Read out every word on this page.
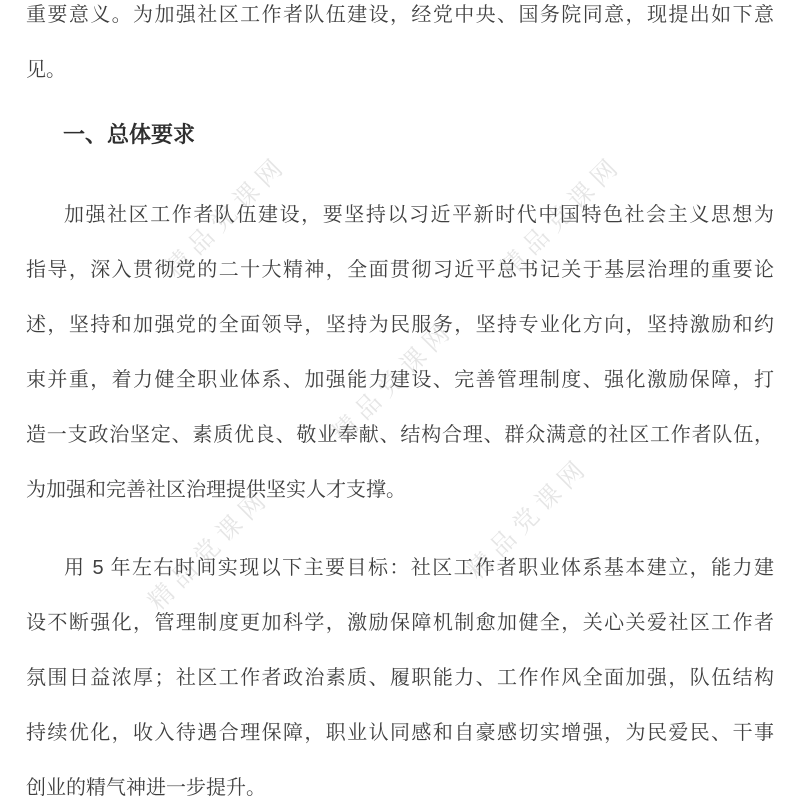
精品党课网	精品党课网
精品党课网
精品党课网	精品党课网
重要意义。为加强社区工作者队伍建设，经党中央、国务院同意，现提出如下意
见。
一、总体要求
加强社区工作者队伍建设，要坚持以习近平新时代中国特色社会主义思想为
指导，深入贯彻党的二十大精神，全面贯彻习近平总书记关于基层治理的重要论
述，坚持和加强党的全面领导，坚持为民服务，坚持专业化方向，坚持激励和约
束并重，着力健全职业体系、加强能力建设、完善管理制度、强化激励保障，打
造一支政治坚定、素质优良、敬业奉献、结构合理、群众满意的社区工作者队伍，
为加强和完善社区治理提供坚实人才支撑。
用 5 年左右时间实现以下主要目标：社区工作者职业体系基本建立，能力建
设不断强化，管理制度更加科学，激励保障机制愈加健全，关心关爱社区工作者
氛围日益浓厚；社区工作者政治素质、履职能力、工作作风全面加强，队伍结构
持续优化，收入待遇合理保障，职业认同感和自豪感切实增强，为民爱民、干事
创业的精气神进一步提升。
